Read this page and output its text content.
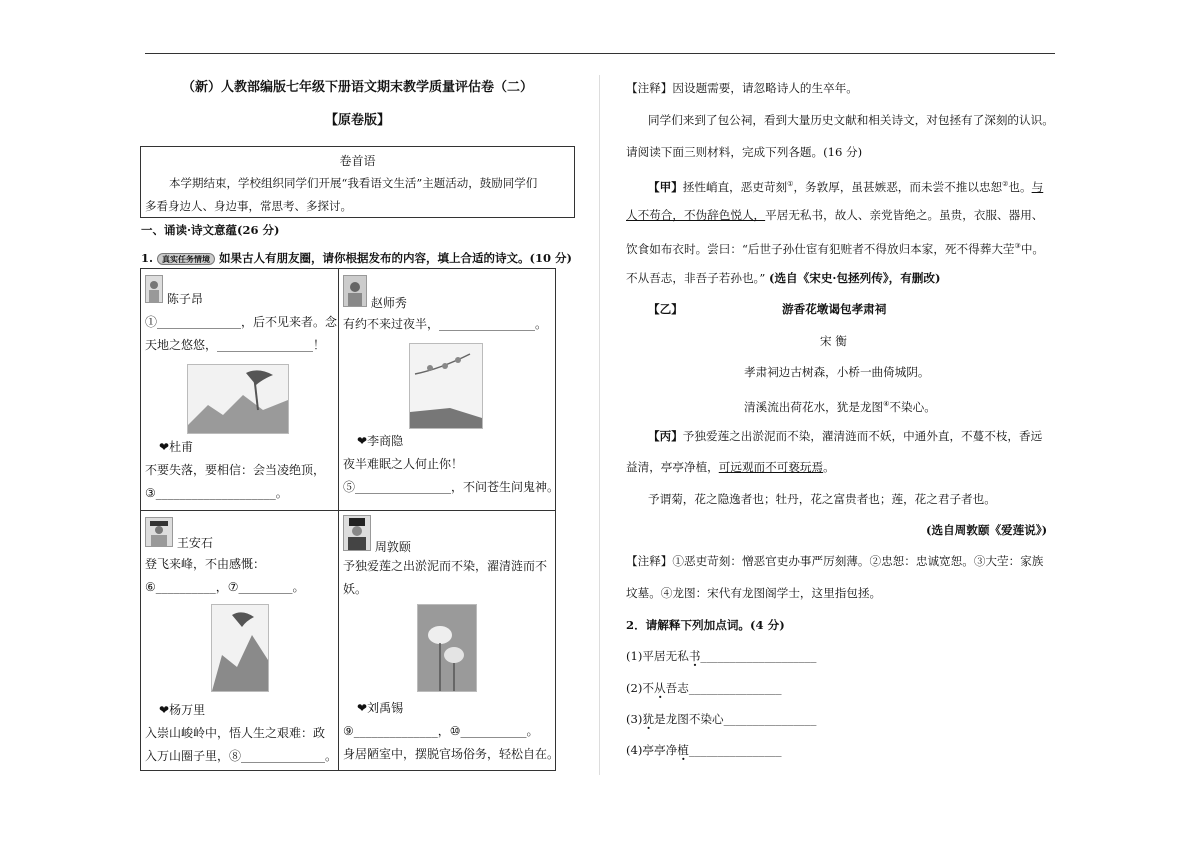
（新）人教部编版七年级下册语文期末教学质量评估卷（二）
【原卷版】
卷首语
本学期结束，学校组织同学们开展“我看语文生活”主题活动，鼓励同学们
多看身边人、身边事，常思考、多探讨。
一、诵读·诗文意蕴(26 分)
1. 真实任务情境 如果古人有朋友圈，请你根据发布的内容，填上合适的诗文。(10 分)
陈子昂
①______________，后不见来者。念
天地之悠悠，________________！
❤杜甫
不要失落，要相信：会当凌绝顶，
③____________________。
赵师秀
有约不来过夜半，________________。
❤李商隐
夜半难眠之人何止你！
⑤________________，不问苍生问鬼神。
王安石
登飞来峰，不由感慨：
⑥__________，⑦_________。
❤杨万里
入崇山峻岭中，悟人生之艰难：政
入万山圈子里，⑧______________。
周敦颐
予独爱莲之出淤泥而不染，濯清涟而不
妖。
❤刘禹锡
⑨______________，⑩___________。
身居陋室中，摆脱官场俗务，轻松自在。
【注释】因设题需要，请忽略诗人的生卒年。
同学们来到了包公祠，看到大量历史文献和相关诗文，对包拯有了深刻的认识。
请阅读下面三则材料，完成下列各题。(16 分)
【甲】拯性峭直，恶吏苛刻①，务敦厚，虽甚嫉恶，而未尝不推以忠恕②也。与
人不苟合，不伪辞色悦人，平居无私书，故人、亲党皆绝之。虽贵，衣服、器用、
饮食如布衣时。尝曰：“后世子孙仕宦有犯赃者不得放归本家，死不得葬大茔③中。
不从吾志，非吾子若孙也。” (选自《宋史·包拯列传》，有删改)
【乙】	游香花墩谒包孝肃祠
宋 衡
孝肃祠边古树森，小桥一曲倚城阴。
清溪流出荷花水，犹是龙图④不染心。
【丙】予独爱莲之出淤泥而不染，濯清涟而不妖，中通外直，不蔓不枝，香远
益清，亭亭净植，可远观而不可亵玩焉。
予谓菊，花之隐逸者也；牡丹，花之富贵者也；莲，花之君子者也。
(选自周敦颐《爱莲说》)
【注释】①恶吏苛刻：憎恶官吏办事严厉刻薄。②忠恕：忠诚宽恕。③大茔：家族
坟墓。④龙图：宋代有龙图阁学士，这里指包拯。
2．请解释下列加点词。(4 分)
(1)平居无私书____________________
(2)不从吾志________________
(3)犹是龙图不染心________________
(4)亭亭净植________________
